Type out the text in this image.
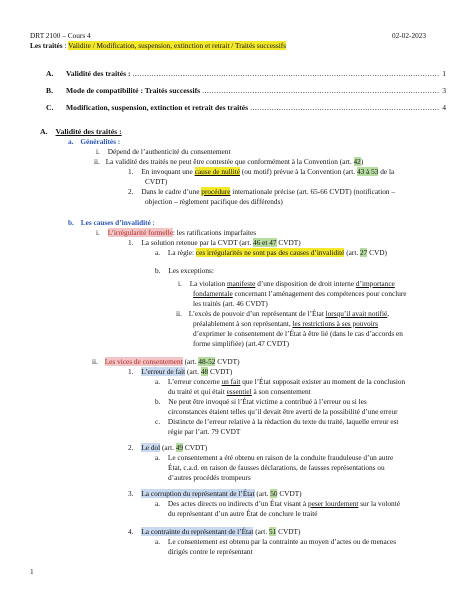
DRT 2100 – Cours 4	02-02-2023
Les traités : Validite / Modification, suspension, extinction et retrait / Traités successifs
A.	Validité des traités : .....	1
B.	Mode de compatibilité : Traités successifs .....	3
C.	Modification, suspension, extinction et retrait des traités .....	4
A. Validité des traités :
a. Généralités :
i. Dépend de l’authenticité du consentement
ii. La validité des traités ne peut être contestée que conformément à la Convention (art. 42)
1. En invoquant une cause de nullité (ou motif) prévue à la Convention (art. 43 à 53 de la
CVDT)
2. Dans le cadre d’une procédure internationale précise (art. 65-66 CVDT) (notification –
objection – règlement pacifique des différends)
b. Les causes d’invalidité :
i. L’irrégularité formelle: les ratifications imparfaites
1. La solution retenue par la CVDT (art. 46 et 47 CVDT)
a. La règle: ces irrégularités ne sont pas des causes d’invalidité (art. 27 CVD)
b. Les exceptions:
i. La violation manifeste d’une disposition de droit interne d’importance
fondamentale concernant l’aménagement des compétences pour conclure
les traités (art. 46 CVDT)
ii. L’excès de pouvoir d’un représentant de l’État lorsqu’il avait notifié,
préalablement à son représentant, les restrictions à ses pouvoirs
d’exprimer le consentement de l’État à être lié (dans le cas d’accords en
forme simplifiée) (art.47 CVDT)
ii. Les vices de consentement (art. 48-52 CVDT)
1. L’erreur de fait (art. 48 CVDT)
a. L’erreur concerne un fait que l’État supposait exister au moment de la conclusion
du traité et qui était essentiel à son consentement
b. Ne peut être invoqué si l’État victime a contribué à l’erreur ou si les
circonstances étaient telles qu’il devait être averti de la possibilité d’une erreur
c. Distincte de l’erreur relative à la rédaction du texte du traité, laquelle erreur est
régie par l’art. 79 CVDT
2. Le dol (art. 49 CVDT)
a. Le consentement a été obtenu en raison de la conduite frauduleuse d’un autre
État, c.a.d. en raison de fausses déclarations, de fausses représentations ou
d’autres procédés trompeurs
3. La corruption du représentant de l’État (art. 50 CVDT)
a. Des actes directs ou indirects d’un État visant à peser lourdement sur la volonté
du représentant d’un autre État de conclure le traité
4. La contrainte du représentant de l’État (art. 51 CVDT)
a. Le consentement est obtenu par la contrainte au moyen d’actes ou de menaces
dirigés contre le représentant
1
